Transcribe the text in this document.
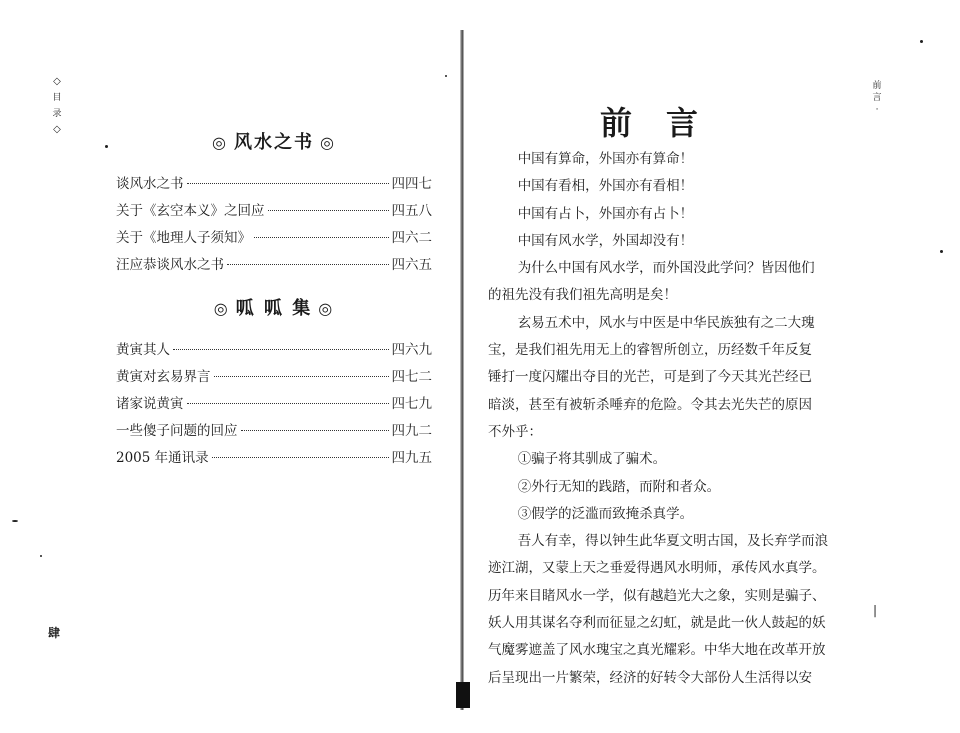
◇
目
录
◇
◎ 风水之书 ◎
谈风水之书	四四七
关于《玄空本义》之回应	四五八
关于《地理人子须知》	四六二
汪应恭谈风水之书	四六五
◎ 呱 呱 集 ◎
黄寅其人	四六九
黄寅对玄易界言	四七二
诸家说黄寅	四七九
一些傻子问题的回应	四九二
2005 年通讯录	四九五
肆
前
言
·
前言

中国有算命，外国亦有算命！

中国有看相，外国亦有看相！

中国有占卜，外国亦有占卜！

中国有风水学，外国却没有！

为什么中国有风水学，而外国没此学问？皆因他们

的祖先没有我们祖先高明是矣！

玄易五术中，风水与中医是中华民族独有之二大瑰

宝，是我们祖先用无上的睿智所创立，历经数千年反复

锤打一度闪耀出夺目的光芒，可是到了今天其光芒经已

暗淡，甚至有被斩杀唾弃的危险。令其去光失芒的原因

不外乎：

①骗子将其驯成了骗术。

②外行无知的践踏，而附和者众。

③假学的泛滥而致掩杀真学。

吾人有幸，得以钟生此华夏文明古国，及长弃学而浪

迹江湖，又蒙上天之垂爱得遇风水明师，承传风水真学。

历年来目睹风水一学，似有越趋光大之象，实则是骗子、

妖人用其谋名夺利而征显之幻虹，就是此一伙人鼓起的妖

气魔雾遮盖了风水瑰宝之真光耀彩。中华大地在改革开放

后呈现出一片繁荣，经济的好转令大部份人生活得以安

|
